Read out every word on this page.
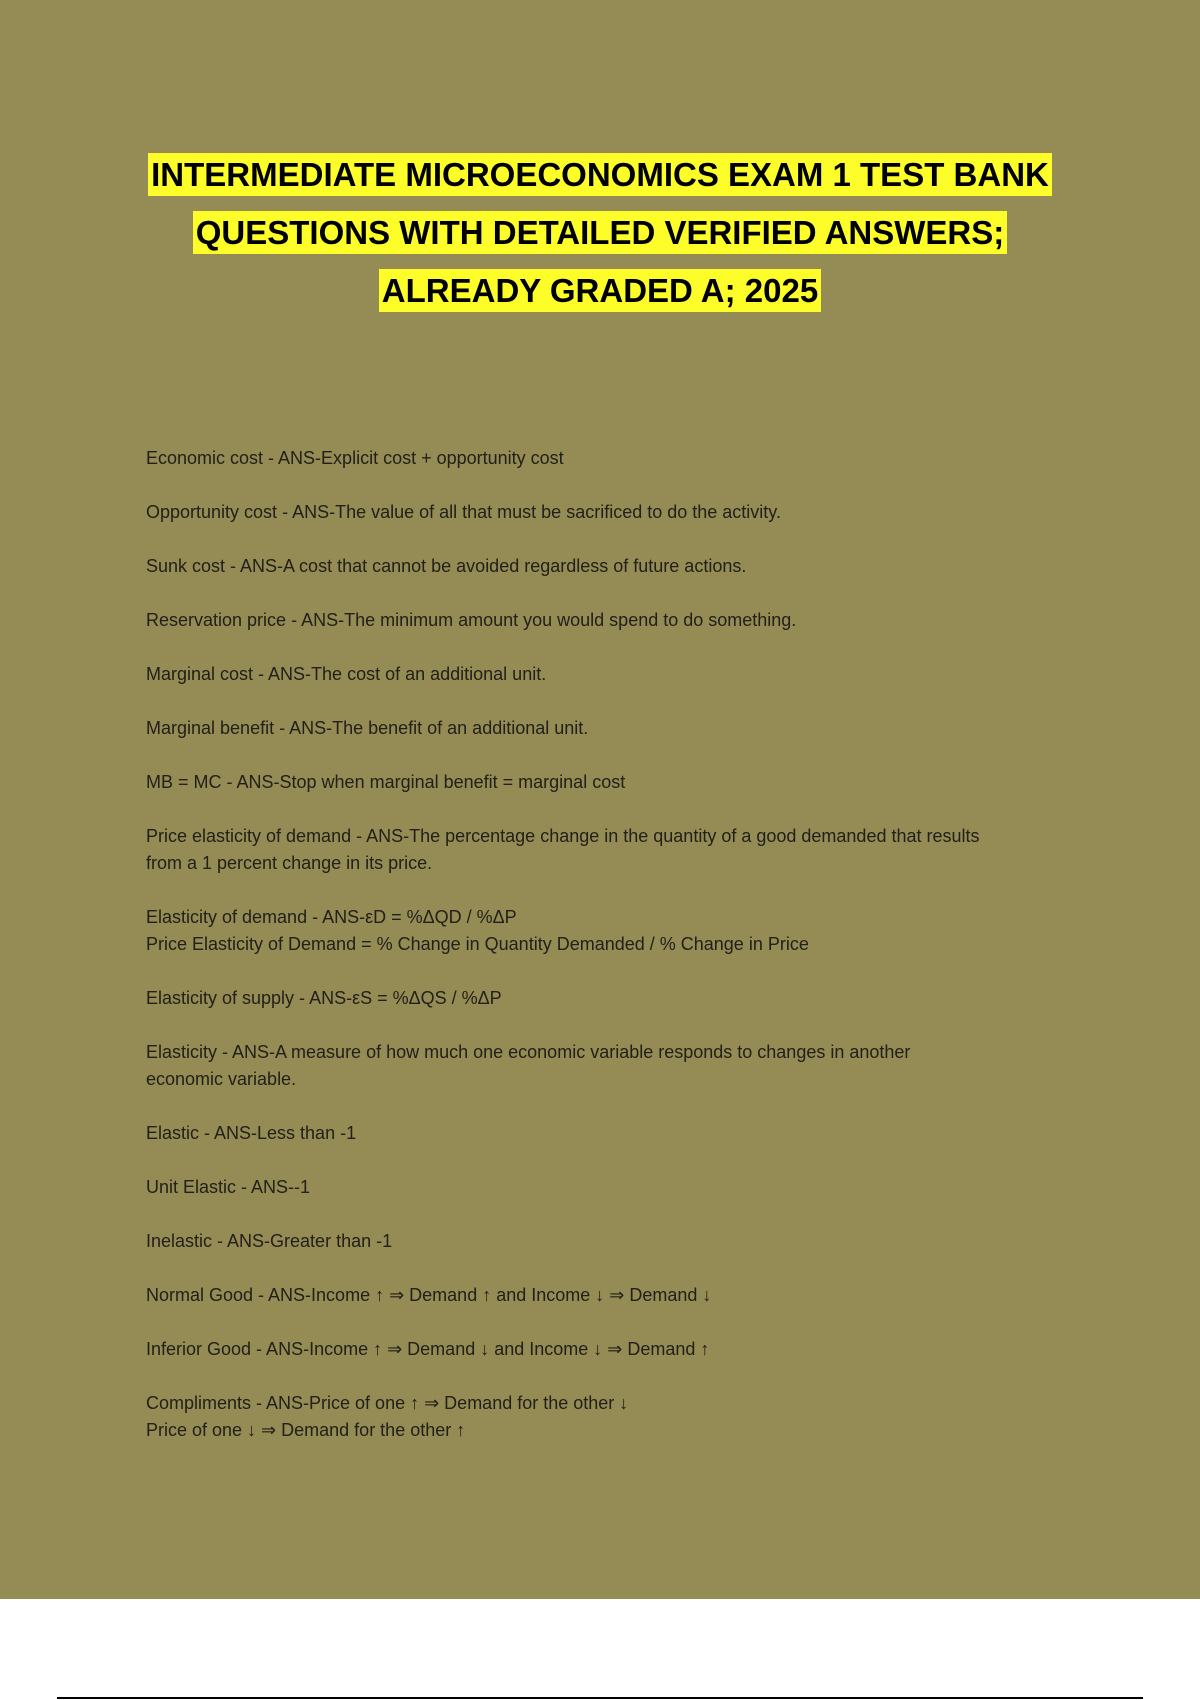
INTERMEDIATE MICROECONOMICS EXAM 1 TEST BANK
QUESTIONS WITH DETAILED VERIFIED ANSWERS;
ALREADY GRADED A; 2025
Economic cost - ANS-Explicit cost + opportunity cost
Opportunity cost - ANS-The value of all that must be sacrificed to do the activity.
Sunk cost - ANS-A cost that cannot be avoided regardless of future actions.
Reservation price - ANS-The minimum amount you would spend to do something.
Marginal cost - ANS-The cost of an additional unit.
Marginal benefit - ANS-The benefit of an additional unit.
MB = MC - ANS-Stop when marginal benefit = marginal cost
Price elasticity of demand - ANS-The percentage change in the quantity of a good demanded that results
from a 1 percent change in its price.
Elasticity of demand - ANS-εD = %ΔQD / %ΔP
Price Elasticity of Demand = % Change in Quantity Demanded / % Change in Price
Elasticity of supply - ANS-εS = %ΔQS / %ΔP
Elasticity - ANS-A measure of how much one economic variable responds to changes in another
economic variable.
Elastic - ANS-Less than -1
Unit Elastic - ANS--1
Inelastic - ANS-Greater than -1
Normal Good - ANS-Income ↑ ⇒ Demand ↑ and Income ↓ ⇒ Demand ↓
Inferior Good - ANS-Income ↑ ⇒ Demand ↓ and Income ↓ ⇒ Demand ↑
Compliments - ANS-Price of one ↑ ⇒ Demand for the other ↓
Price of one ↓ ⇒ Demand for the other ↑
